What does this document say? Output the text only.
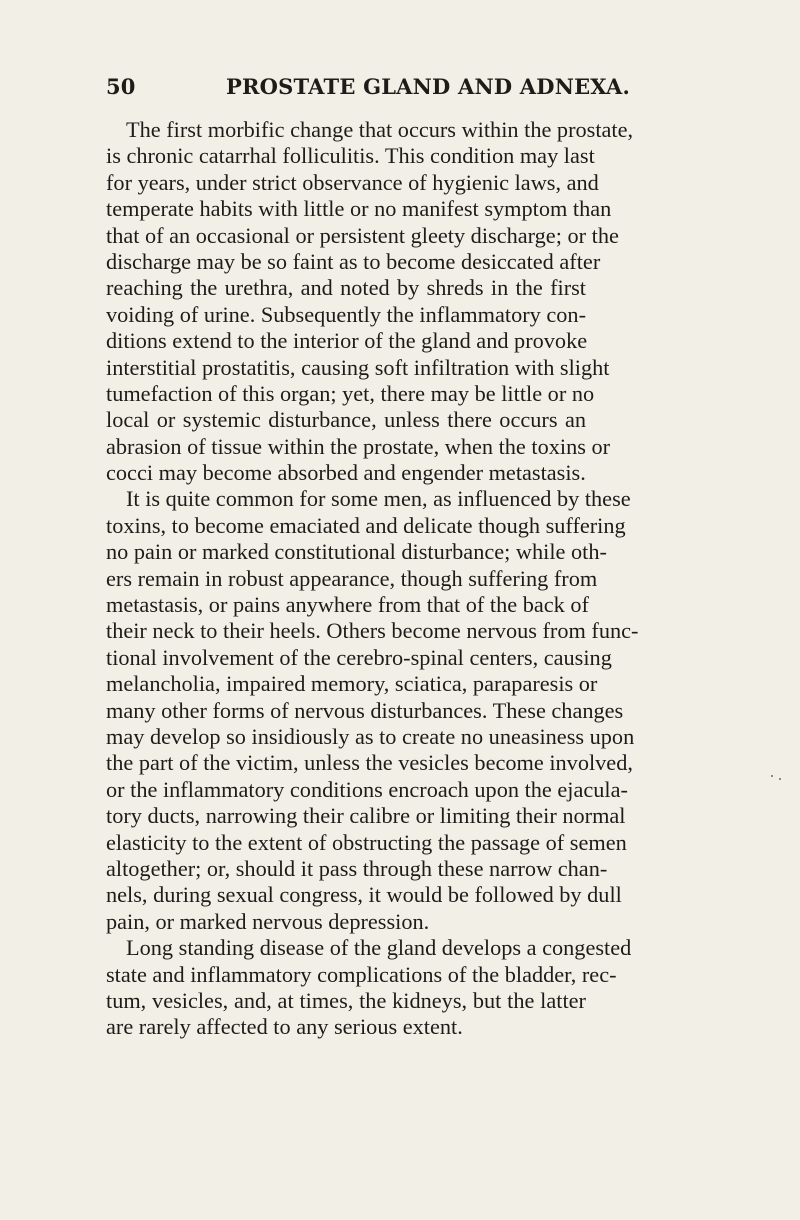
50	PROSTATE GLAND AND ADNEXA.
The first morbific change that occurs within the prostate,
is chronic catarrhal folliculitis. This condition may last
for years, under strict observance of hygienic laws, and
temperate habits with little or no manifest symptom than
that of an occasional or persistent gleety discharge; or the
discharge may be so faint as to become desiccated after
reaching the urethra, and noted by shreds in the first
voiding of urine. Subsequently the inflammatory con-
ditions extend to the interior of the gland and provoke
interstitial prostatitis, causing soft infiltration with slight
tumefaction of this organ; yet, there may be little or no
local or systemic disturbance, unless there occurs an
abrasion of tissue within the prostate, when the toxins or
cocci may become absorbed and engender metastasis.
It is quite common for some men, as influenced by these
toxins, to become emaciated and delicate though suffering
no pain or marked constitutional disturbance; while oth-
ers remain in robust appearance, though suffering from
metastasis, or pains anywhere from that of the back of
their neck to their heels. Others become nervous from func-
tional involvement of the cerebro-spinal centers, causing
melancholia, impaired memory, sciatica, paraparesis or
many other forms of nervous disturbances. These changes
may develop so insidiously as to create no uneasiness upon
the part of the victim, unless the vesicles become involved,
or the inflammatory conditions encroach upon the ejacula-
tory ducts, narrowing their calibre or limiting their normal
elasticity to the extent of obstructing the passage of semen
altogether; or, should it pass through these narrow chan-
nels, during sexual congress, it would be followed by dull
pain, or marked nervous depression.
Long standing disease of the gland develops a congested
state and inflammatory complications of the bladder, rec-
tum, vesicles, and, at times, the kidneys, but the latter
are rarely affected to any serious extent.
